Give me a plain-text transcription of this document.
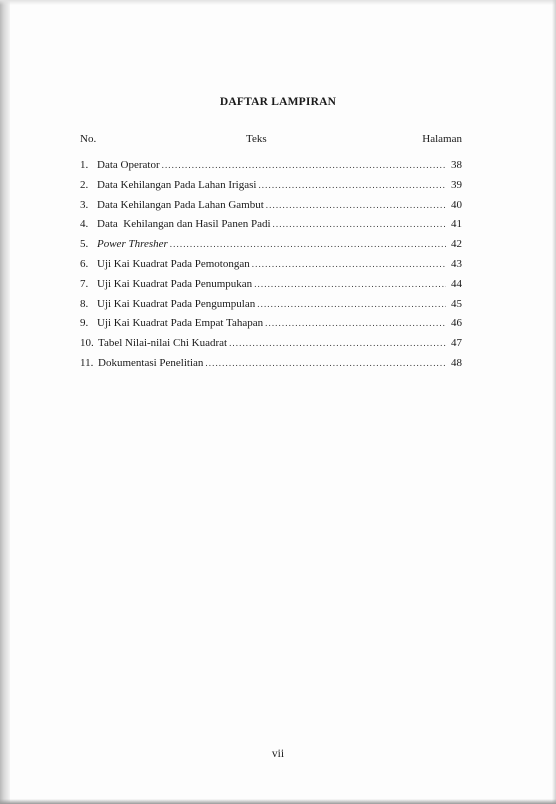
DAFTAR LAMPIRAN
No.	Teks	Halaman
1. Data Operator .....	38
2. Data Kehilangan Pada Lahan Irigasi .....	39
3. Data Kehilangan Pada Lahan Gambut .....	40
4. Data  Kehilangan dan Hasil Panen Padi .....	41
5. Power Thresher .....	42
6. Uji Kai Kuadrat Pada Pemotongan .....	43
7. Uji Kai Kuadrat Pada Penumpukan .....	44
8. Uji Kai Kuadrat Pada Pengumpulan .....	45
9. Uji Kai Kuadrat Pada Empat Tahapan .....	46
10. Tabel Nilai-nilai Chi Kuadrat .....	47
11. Dokumentasi Penelitian .....	48
vii
